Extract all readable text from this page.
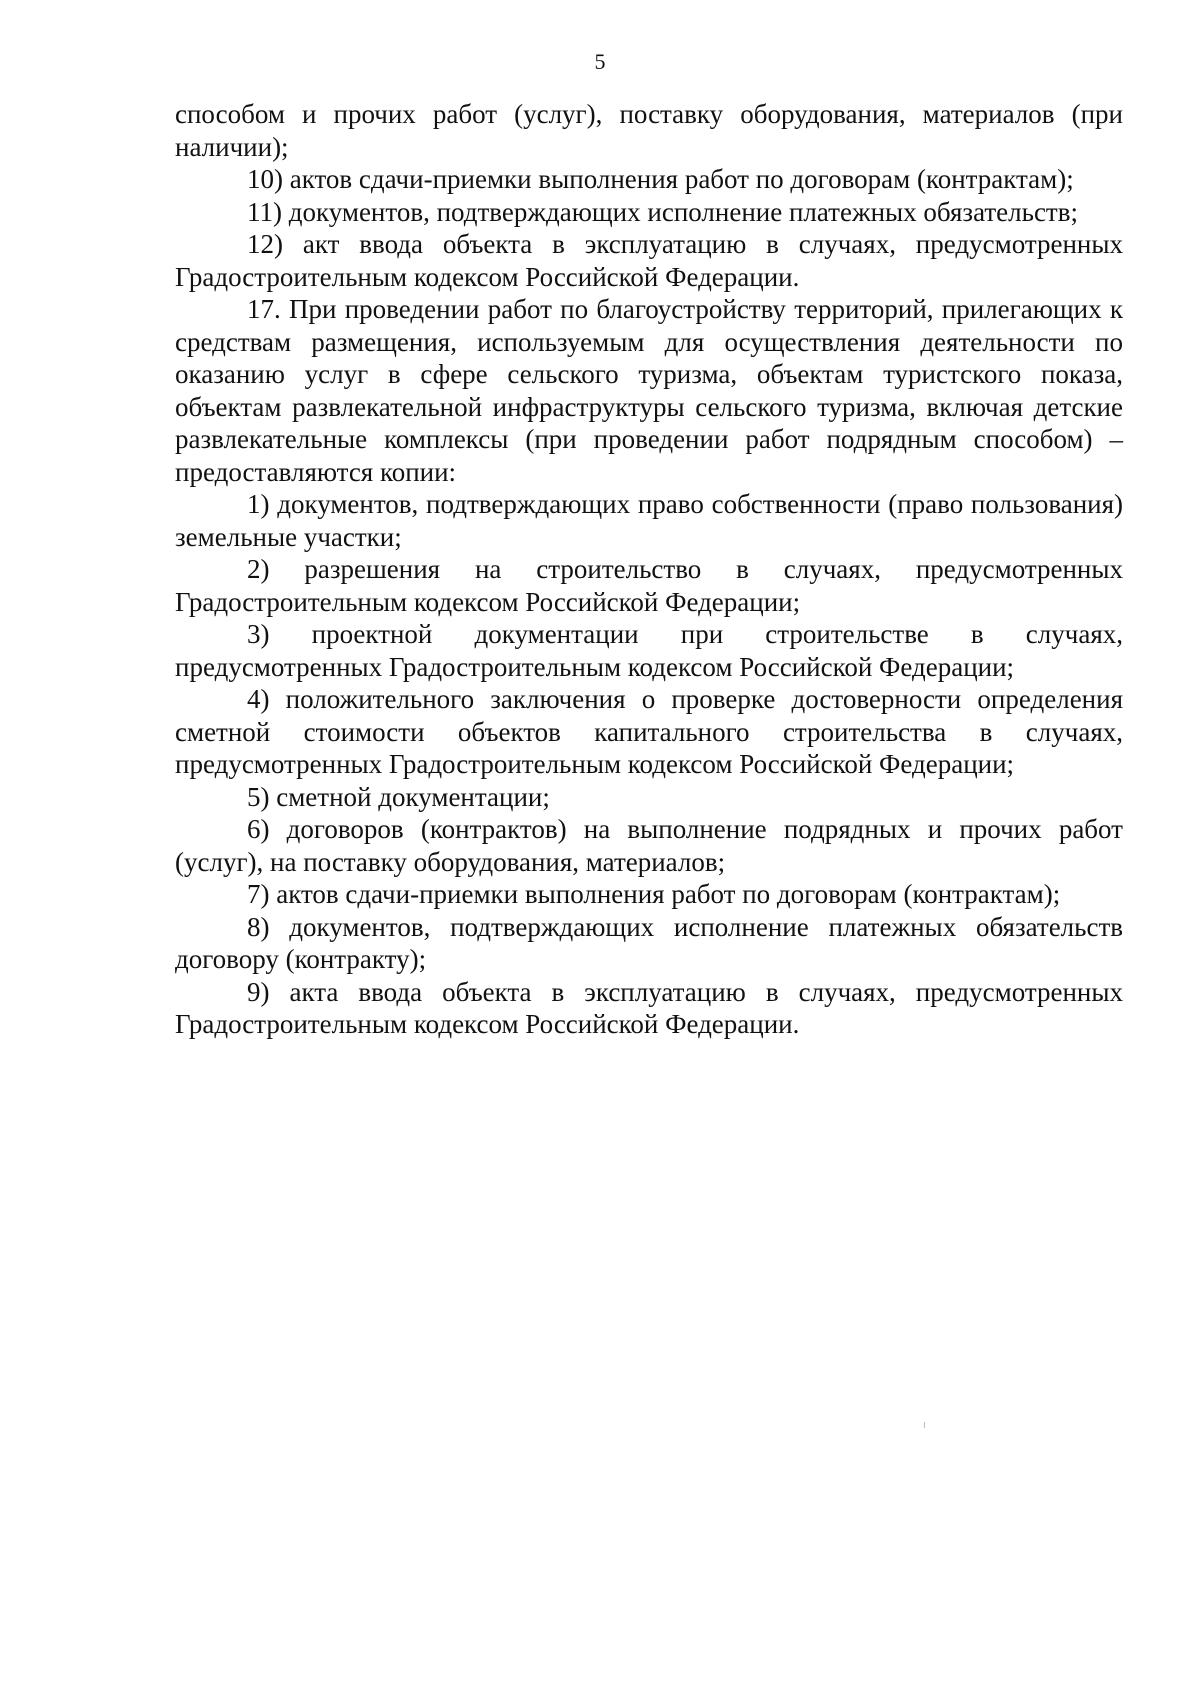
5

способом и прочих работ (услуг), поставку оборудования, материалов (при наличии);

10) актов сдачи-приемки выполнения работ по договорам (контрактам);

11) документов, подтверждающих исполнение платежных обязательств;

12) акт ввода объекта в эксплуатацию в случаях, предусмотренных Градостроительным кодексом Российской Федерации.

17. При проведении работ по благоустройству территорий, прилегающих к средствам размещения, используемым для осуществления деятельности по оказанию услуг в сфере сельского туризма, объектам туристского показа, объектам развлекательной инфраструктуры сельского туризма, включая детские развлекательные комплексы (при проведении работ подрядным способом) – предоставляются копии:

1) документов, подтверждающих право собственности (право пользования) земельные участки;

2) разрешения на строительство в случаях, предусмотренных Градостроительным кодексом Российской Федерации;

3) проектной документации при строительстве в случаях, предусмотренных Градостроительным кодексом Российской Федерации;

4) положительного заключения о проверке достоверности определения сметной стоимости объектов капитального строительства в случаях, предусмотренных Градостроительным кодексом Российской Федерации;

5) сметной документации;

6) договоров (контрактов) на выполнение подрядных и прочих работ (услуг), на поставку оборудования, материалов;

7) актов сдачи-приемки выполнения работ по договорам (контрактам);

8) документов, подтверждающих исполнение платежных обязательств договору (контракту);

9) акта ввода объекта в эксплуатацию в случаях, предусмотренных Градостроительным кодексом Российской Федерации.
